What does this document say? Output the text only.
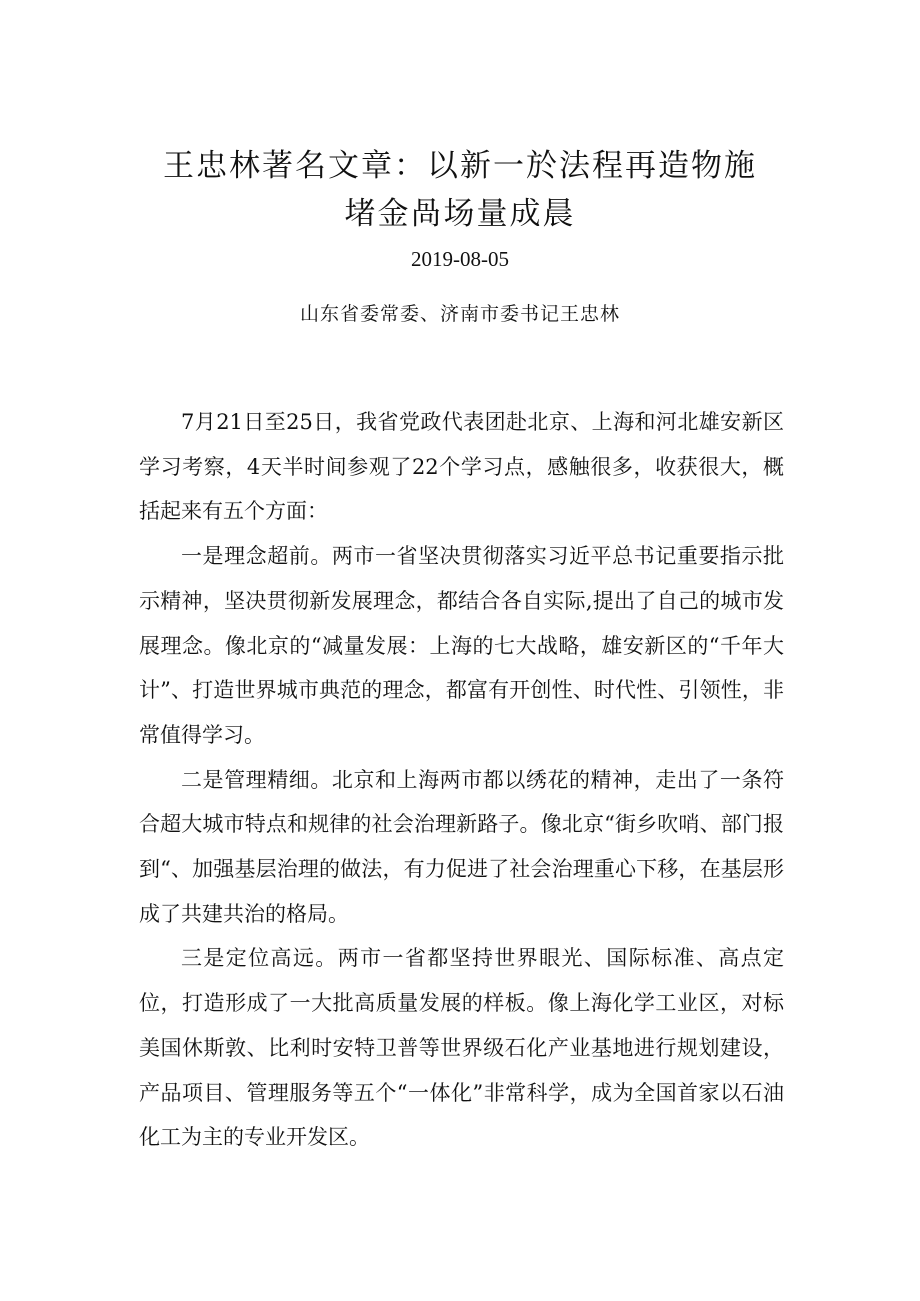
王忠林著名文章：以新一於法程再造物施
堵金咼场量成晨
2019-08-05
山东省委常委、济南市委书记王忠林

7月21日至25日，我省党政代表团赴北京、上海和河北雄安新区学习考察，4天半时间参观了22个学习点，感触很多，收获很大，概括起来有五个方面：

一是理念超前。两市一省坚决贯彻落实习近平总书记重要指示批示精神，坚决贯彻新发展理念，都结合各自实际,提出了自己的城市发展理念。像北京的“减量发展：上海的七大战略，雄安新区的“千年大计”、打造世界城市典范的理念，都富有开创性、时代性、引领性，非常值得学习。

二是管理精细。北京和上海两市都以绣花的精神，走出了一条符合超大城市特点和规律的社会治理新路子。像北京“街乡吹哨、部门报到“、加强基层治理的做法，有力促进了社会治理重心下移，在基层形成了共建共治的格局。

三是定位高远。两市一省都坚持世界眼光、国际标准、高点定位，打造形成了一大批高质量发展的样板。像上海化学工业区，对标美国休斯敦、比利时安特卫普等世界级石化产业基地进行规划建设，产品项目、管理服务等五个“一体化”非常科学，成为全国首家以石油化工为主的专业开发区。
